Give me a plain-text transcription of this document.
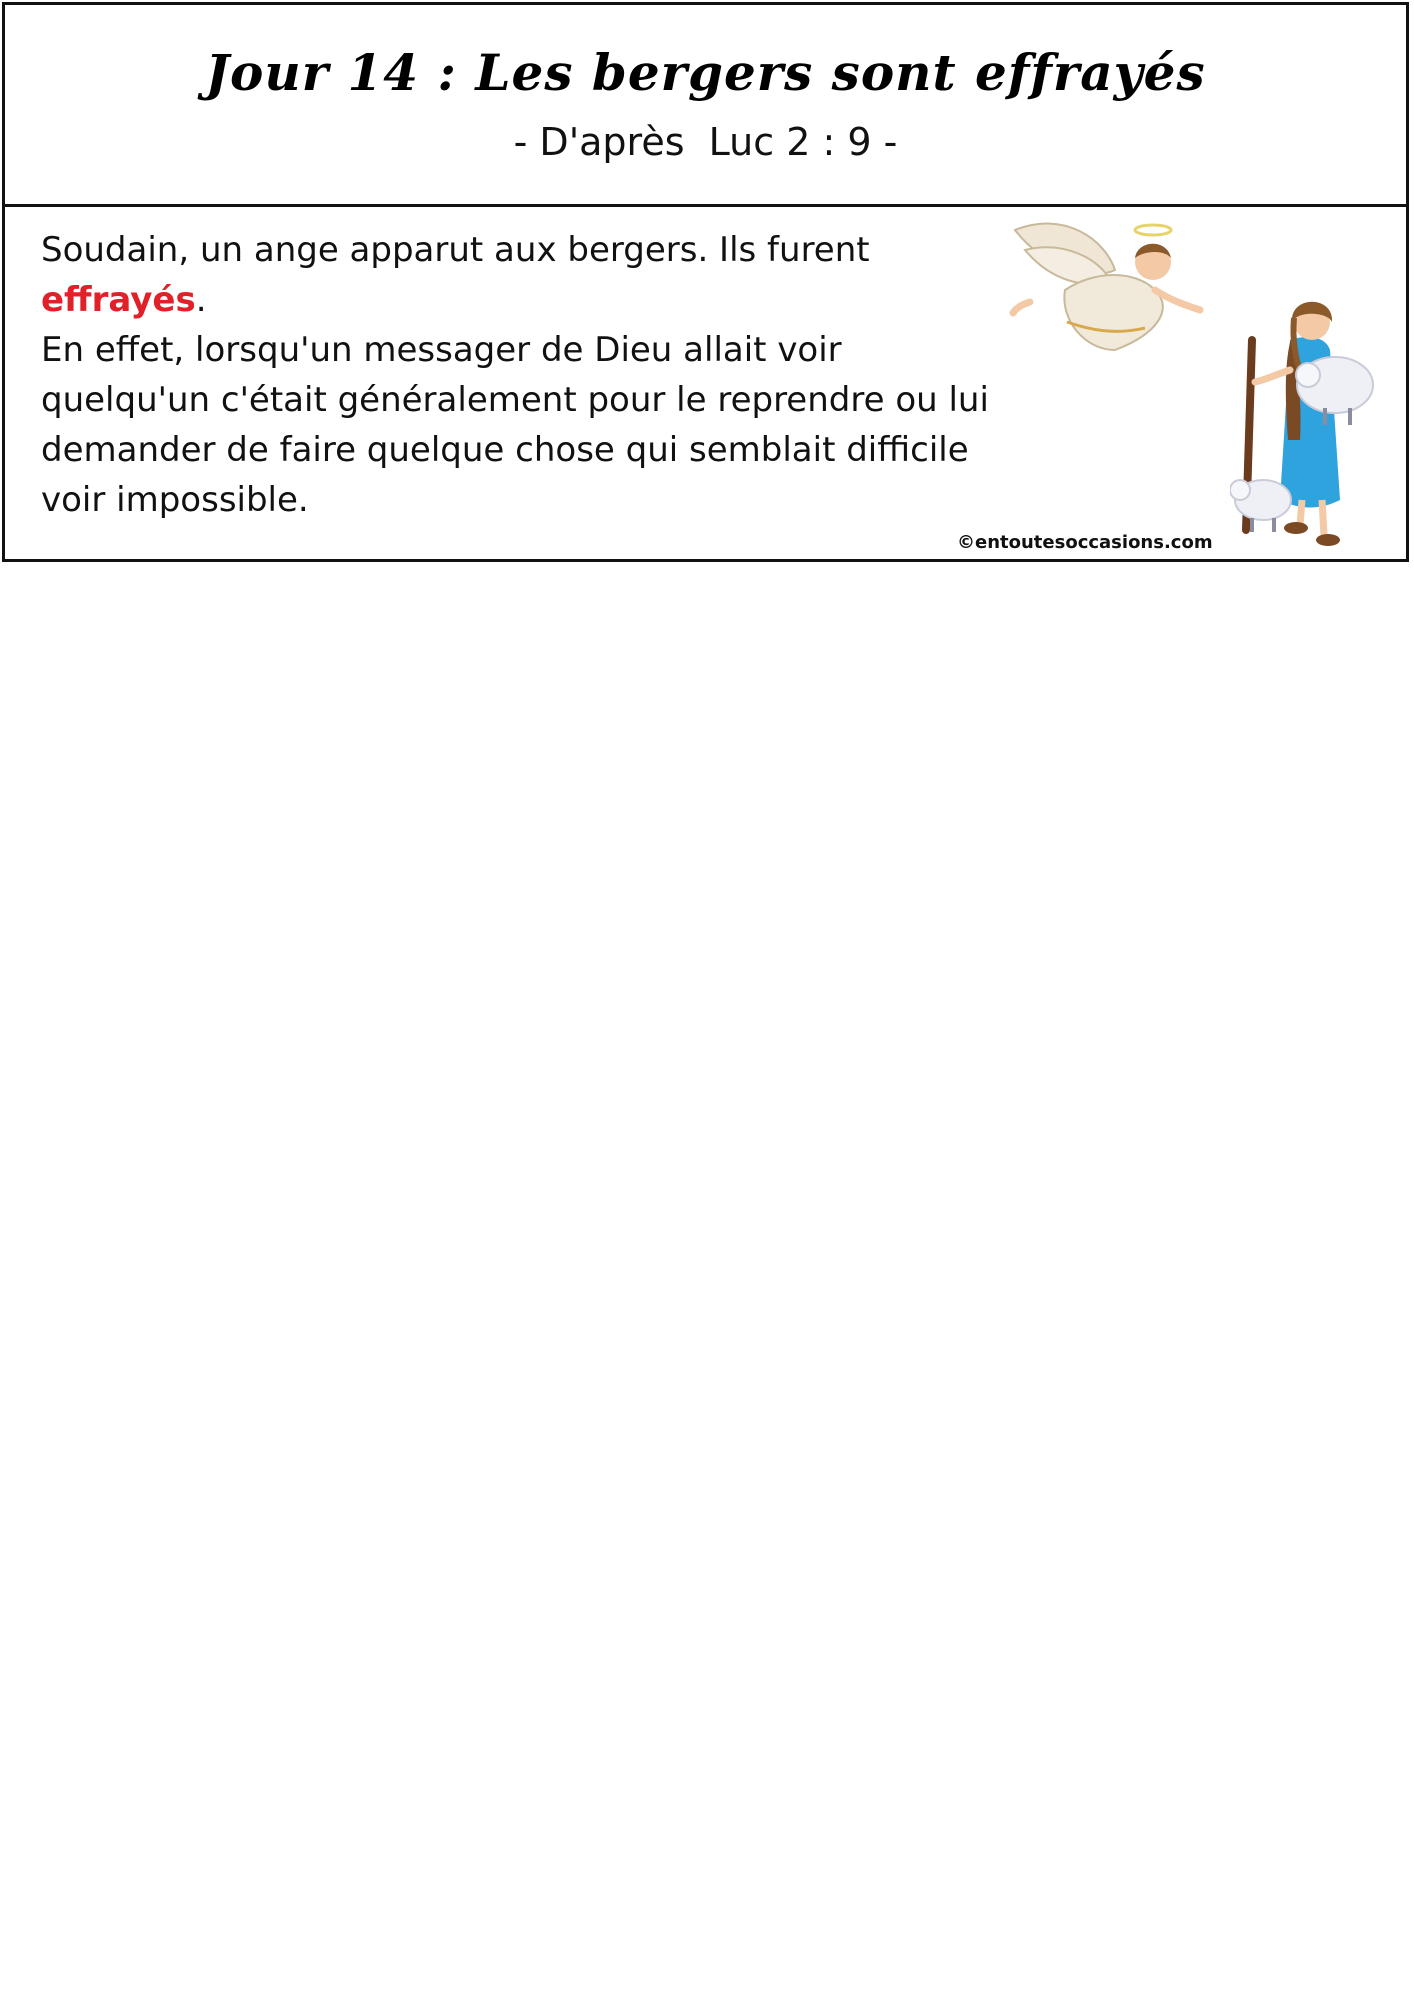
Jour 14 : Les bergers sont effrayés
- D'après  Luc 2 : 9 -

Soudain, un ange apparut aux bergers. Ils furent
effrayés.

En effet, lorsqu'un messager de Dieu allait voir quelqu'un c'était généralement pour le reprendre ou lui demander de faire quelque chose qui semblait difficile voir impossible.

©entoutesoccasions.com
